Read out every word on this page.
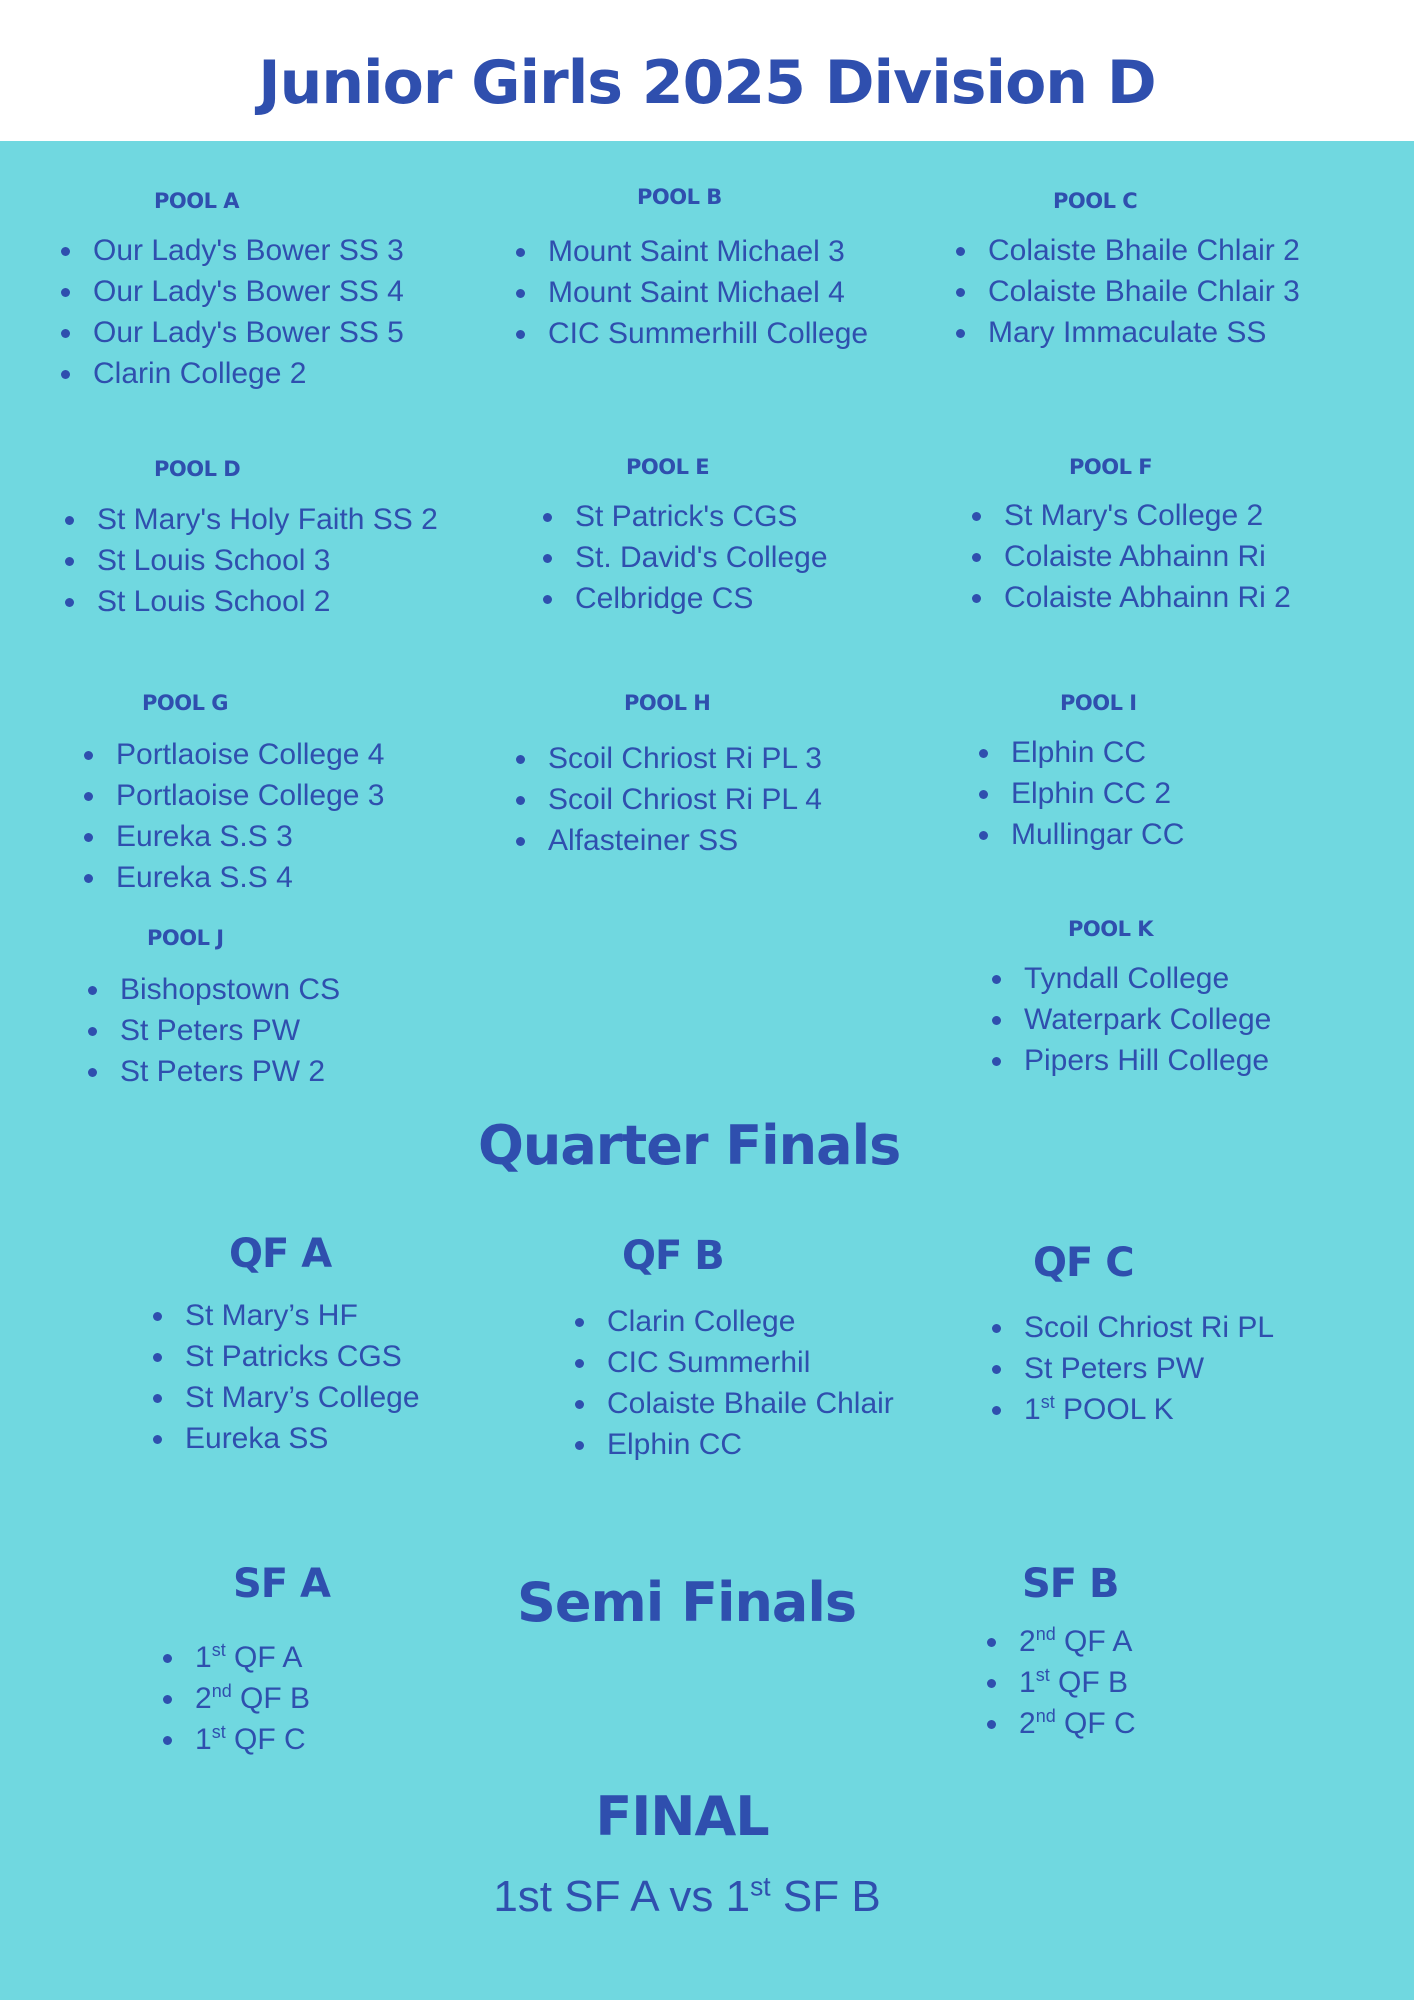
Junior Girls 2025 Division D
POOL A
Our Lady's Bower SS 3
Our Lady's Bower SS 4
Our Lady's Bower SS 5
Clarin College 2
POOL B
Mount Saint Michael 3
Mount Saint Michael 4
CIC Summerhill College
POOL C
Colaiste Bhaile Chlair 2
Colaiste Bhaile Chlair 3
Mary Immaculate SS
POOL D
St Mary's Holy Faith SS 2
St Louis School 3
St Louis School 2
POOL E
St Patrick's CGS
St. David's College
Celbridge CS
POOL F
St Mary's College 2
Colaiste Abhainn Ri
Colaiste Abhainn Ri 2
POOL G
Portlaoise College 4
Portlaoise College 3
Eureka S.S 3
Eureka S.S 4
POOL H
Scoil Chriost Ri PL 3
Scoil Chriost Ri PL 4
Alfasteiner SS
POOL I
Elphin CC
Elphin CC 2
Mullingar CC
POOL J
Bishopstown CS
St Peters PW
St Peters PW 2
POOL K
Tyndall College
Waterpark College
Pipers Hill College
Quarter Finals
QF A
St Mary’s HF
St Patricks CGS
St Mary’s College
Eureka SS
QF B
Clarin College
CIC Summerhil
Colaiste Bhaile Chlair
Elphin CC
QF C
Scoil Chriost Ri PL
St Peters PW
1st POOL K
SF A	Semi Finals	SF B
1st QF A
2nd QF B
1st QF C
2nd QF A
1st QF B
2nd QF C
FINAL
1st SF A vs 1st SF B
